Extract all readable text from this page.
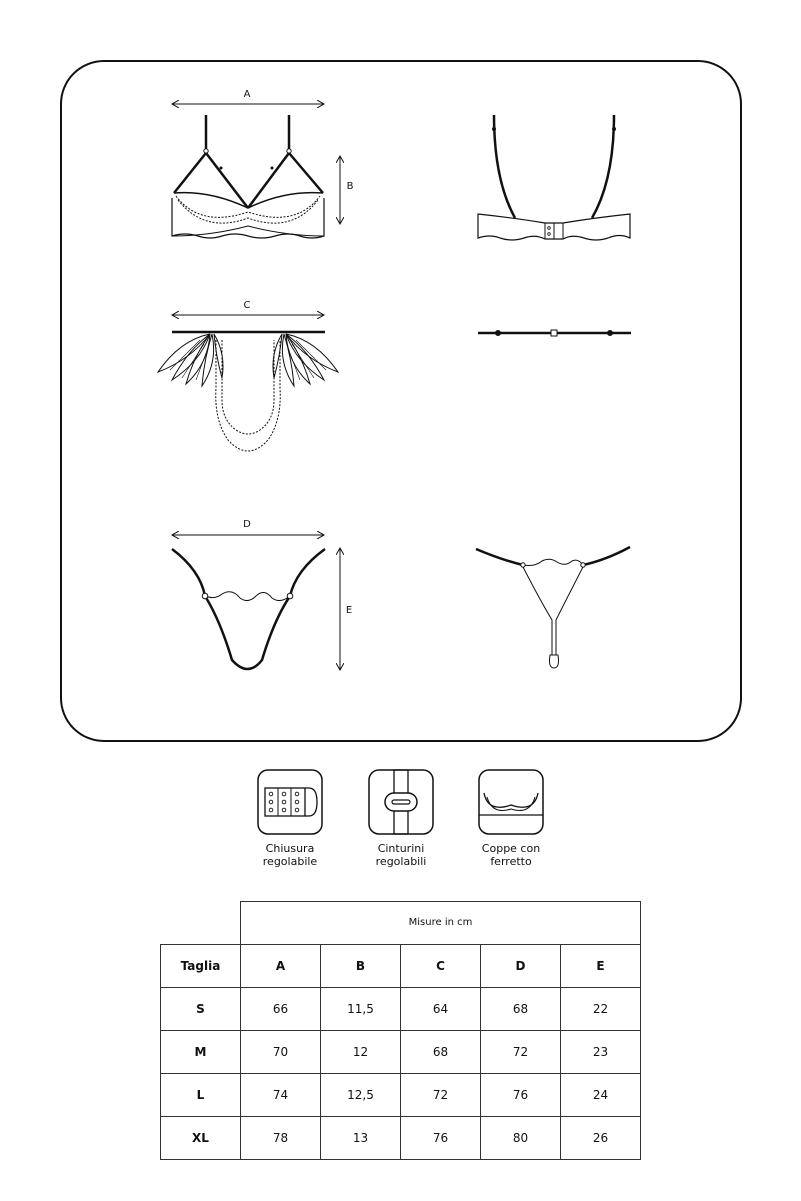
A
B
C
D
E
Chiusura
regolabile
Cinturini
regolabili
Coppe con
ferretto
	Misure in cm				
Taglia	A	B	C	D	E
S	66	11,5	64	68	22
M	70	12	68	72	23
L	74	12,5	72	76	24
XL	78	13	76	80	26
